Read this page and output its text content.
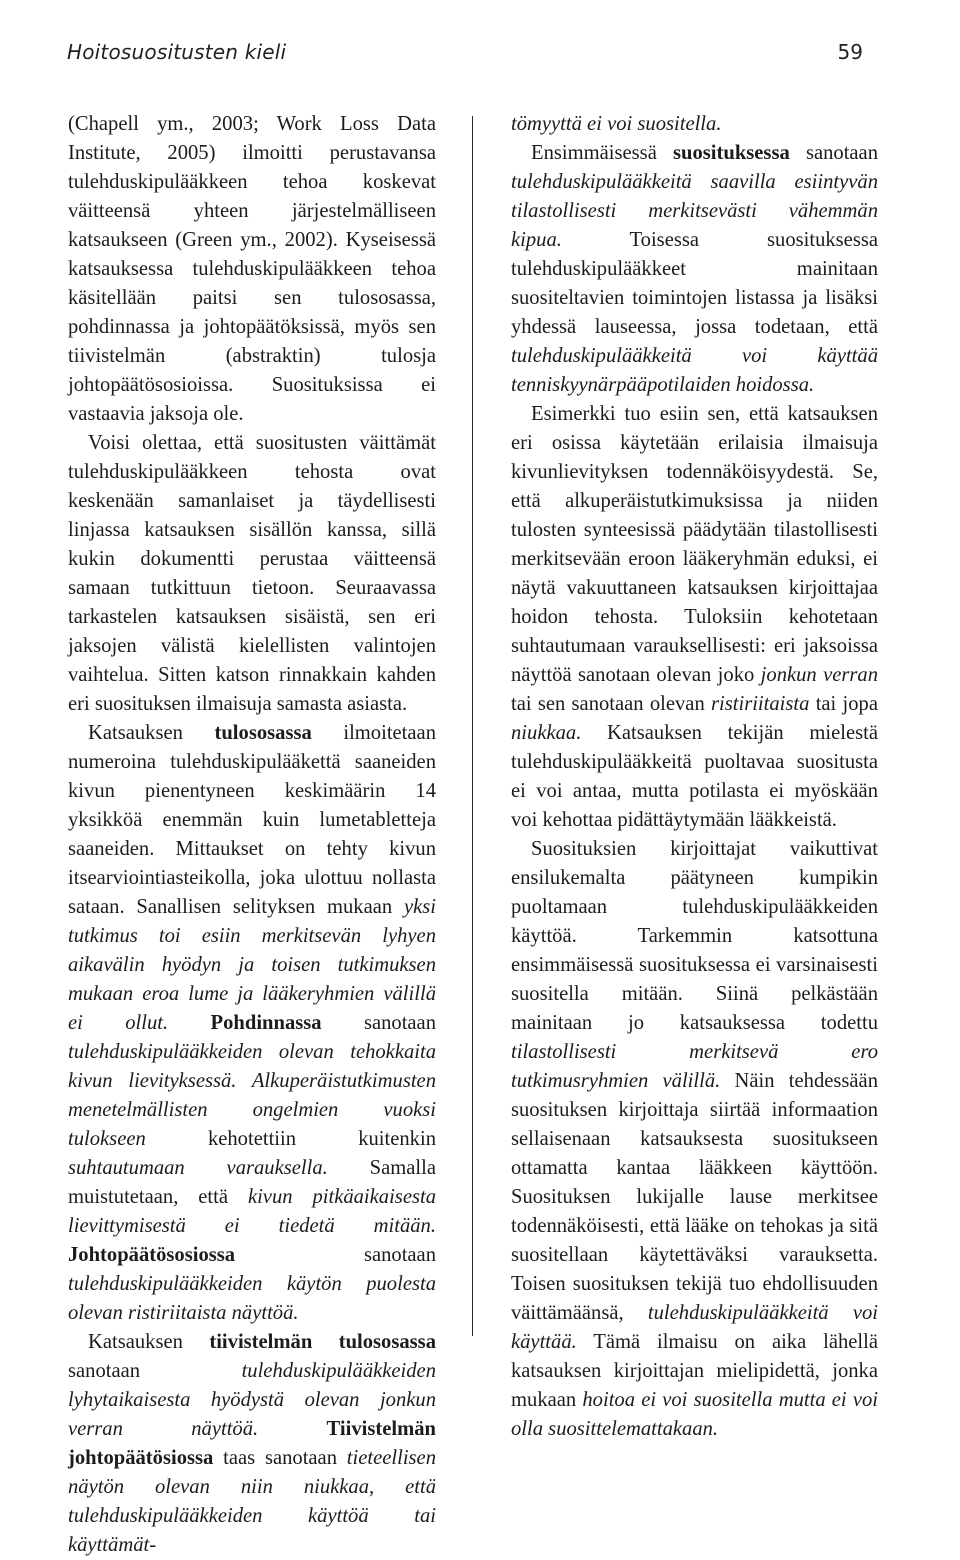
Hoitosuositusten kieli	59

(Chapell ym., 2003; Work Loss Data Institute, 2005) ilmoitti perustavansa tulehduskipulääkkeen tehoa koskevat väitteensä yhteen järjestelmälliseen katsaukseen (Green ym., 2002). Kyseisessä katsauksessa tulehduskipulääkkeen tehoa käsitellään paitsi sen tulososassa, pohdinnassa ja johtopäätöksissä, myös sen tiivistelmän (abstraktin) tulosja johtopäätösosioissa. Suosituksissa ei vastaavia jaksoja ole.

Voisi olettaa, että suositusten väittämät tulehduskipulääkkeen tehosta ovat keskenään samanlaiset ja täydellisesti linjassa katsauksen sisällön kanssa, sillä kukin dokumentti perustaa väitteensä samaan tutkittuun tietoon. Seuraavassa tarkastelen katsauksen sisäistä, sen eri jaksojen välistä kielellisten valintojen vaihtelua. Sitten katson rinnakkain kahden eri suosituksen ilmaisuja samasta asiasta.

Katsauksen tulososassa ilmoitetaan numeroina tulehduskipulääkettä saaneiden kivun pienentyneen keskimäärin 14 yksikköä enemmän kuin lumetabletteja saaneiden. Mittaukset on tehty kivun itsearviointiasteikolla, joka ulottuu nollasta sataan. Sanallisen selityksen mukaan yksi tutkimus toi esiin merkitsevän lyhyen aikavälin hyödyn ja toisen tutkimuksen mukaan eroa lume ja lääkeryhmien välillä ei ollut. Pohdinnassa sanotaan tulehduskipulääkkeiden olevan tehokkaita kivun lievityksessä. Alkuperäistutkimusten menetelmällisten ongelmien vuoksi tulokseen kehotettiin kuitenkin suhtautumaan varauksella. Samalla muistutetaan, että kivun pitkäaikaisesta lievittymisestä ei tiedetä mitään. Johtopäätösosiossa sanotaan tulehduskipulääkkeiden käytön puolesta olevan ristiriitaista näyttöä.

Katsauksen tiivistelmän tulososassa sanotaan tulehduskipulääkkeiden lyhytaikaisesta hyödystä olevan jonkun verran näyttöä.	Tiivistelmän johtopäätösiossa taas sanotaan tieteellisen näytön olevan niin niukkaa, että tulehduskipulääkkeiden käyttöä tai käyttämät-

tömyyttä ei voi suositella.

Ensimmäisessä suosituksessa sanotaan tulehduskipulääkkeitä saavilla esiintyvän tilastollisesti merkitsevästi vähemmän kipua. Toisessa suosituksessa tulehduskipulääkkeet mainitaan suositeltavien toimintojen listassa ja lisäksi yhdessä lauseessa, jossa todetaan, että tulehduskipulääkkeitä voi käyttää tenniskyynärpääpotilaiden hoidossa.

Esimerkki tuo esiin sen, että katsauksen eri osissa käytetään erilaisia ilmaisuja kivunlievityksen todennäköisyydestä. Se, että alkuperäistutkimuksissa ja niiden tulosten synteesissä päädytään tilastollisesti merkitsevään eroon lääkeryhmän eduksi, ei näytä vakuuttaneen katsauksen kirjoittajaa hoidon tehosta. Tuloksiin kehotetaan suhtautumaan varauksellisesti: eri jaksoissa näyttöä sanotaan olevan joko jonkun verran tai sen sanotaan olevan ristiriitaista tai jopa niukkaa. Katsauksen tekijän mielestä tulehduskipulääkkeitä puoltavaa suositusta ei voi antaa, mutta potilasta ei myöskään voi kehottaa pidättäytymään lääkkeistä.

Suosituksien kirjoittajat vaikuttivat ensilukemalta päätyneen kumpikin puoltamaan tulehduskipulääkkeiden käyttöä. Tarkemmin katsottuna ensimmäisessä suosituksessa ei varsinaisesti suositella mitään. Siinä pelkästään mainitaan jo katsauksessa todettu tilastollisesti merkitsevä ero tutkimusryhmien välillä. Näin tehdessään suosituksen kirjoittaja siirtää informaation sellaisenaan katsauksesta suositukseen ottamatta kantaa lääkkeen käyttöön. Suosituksen lukijalle lause merkitsee todennäköisesti, että lääke on tehokas ja sitä suositellaan käytettäväksi varauksetta. Toisen suosituksen tekijä tuo ehdollisuuden väittämäänsä, tulehduskipulääkkeitä voi käyttää. Tämä ilmaisu on aika lähellä katsauksen kirjoittajan mielipidettä, jonka mukaan hoitoa ei voi suositella mutta ei voi olla suosittelemattakaan.
